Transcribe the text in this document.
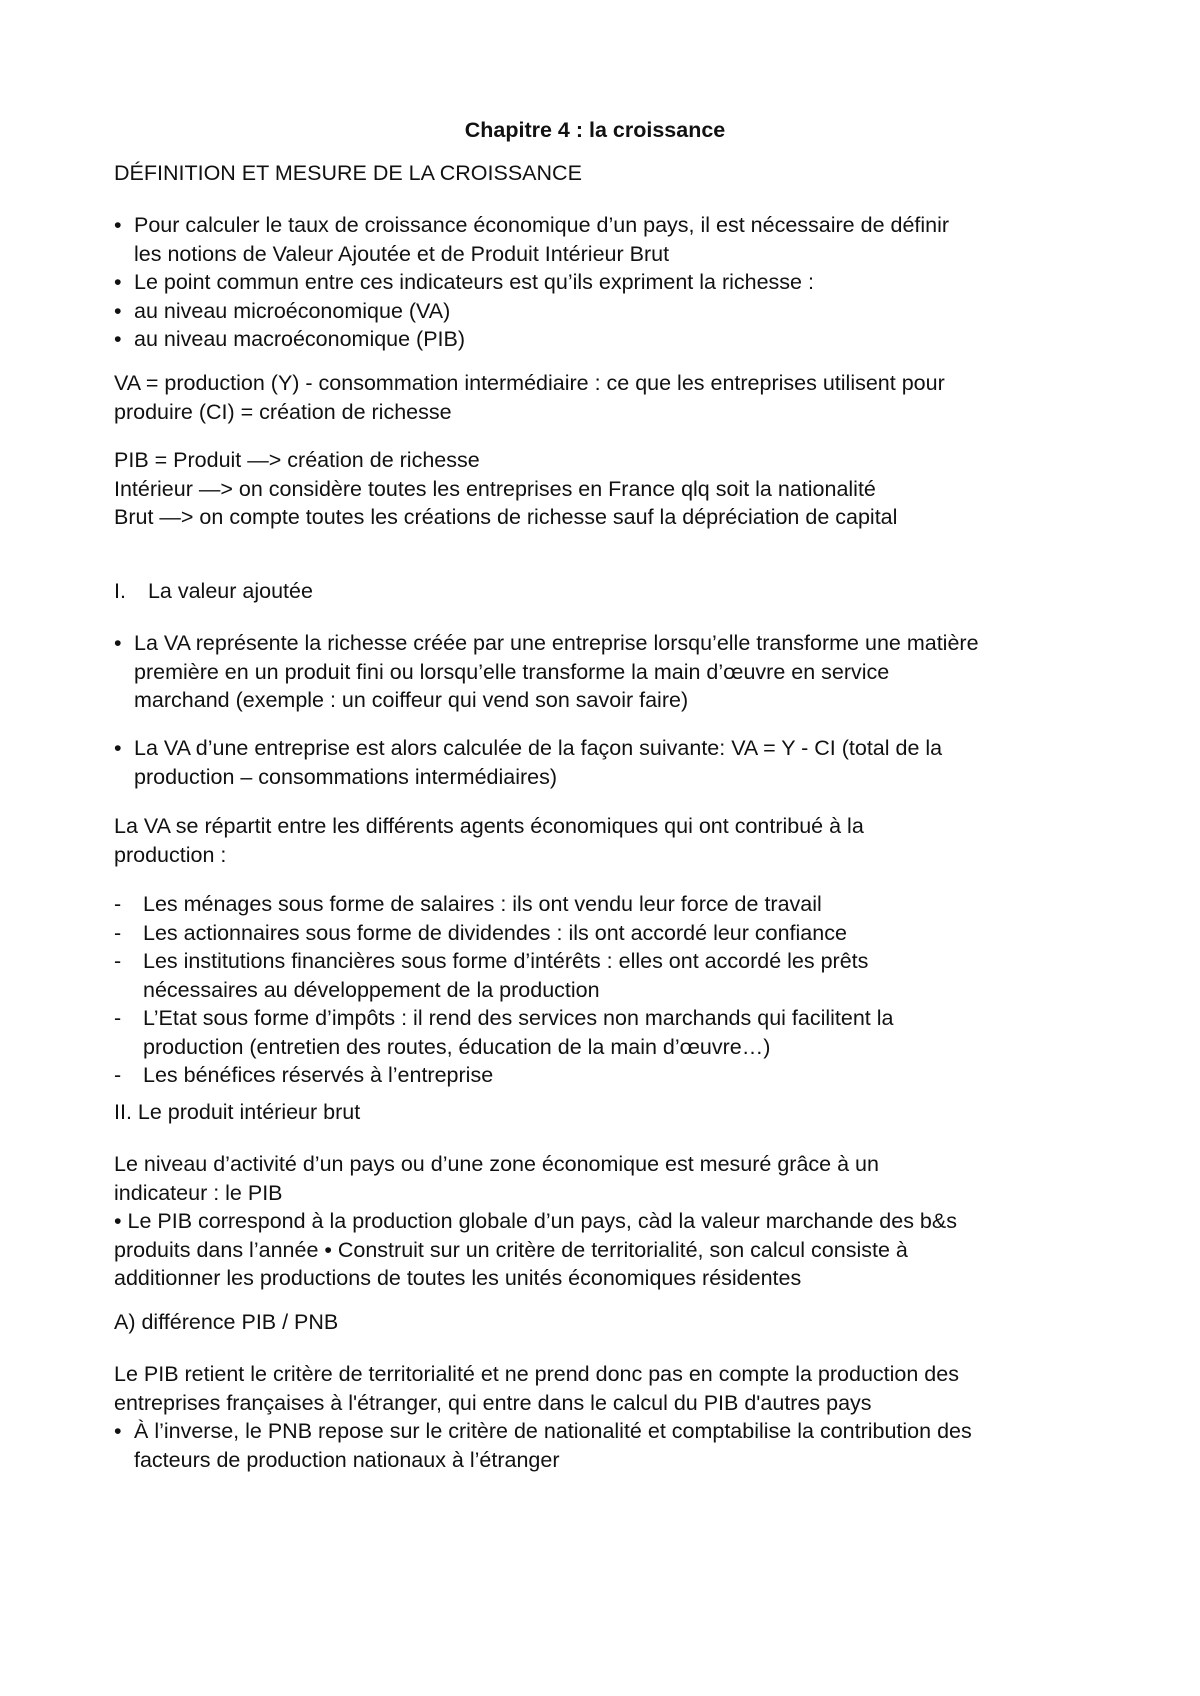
Chapitre 4 : la croissance
DÉFINITION ET MESURE DE LA CROISSANCE
• Pour calculer le taux de croissance économique d’un pays, il est nécessaire de définir
les notions de Valeur Ajoutée et de Produit Intérieur Brut
• Le point commun entre ces indicateurs est qu’ils expriment la richesse :
• au niveau microéconomique (VA)
• au niveau macroéconomique (PIB)
VA = production (Y) - consommation intermédiaire : ce que les entreprises utilisent pour
produire (CI) = création de richesse
PIB = Produit —> création de richesse
Intérieur —> on considère toutes les entreprises en France qlq soit la nationalité
Brut —> on compte toutes les créations de richesse sauf la dépréciation de capital
I. La valeur ajoutée
• La VA représente la richesse créée par une entreprise lorsqu’elle transforme une matière
première en un produit fini ou lorsqu’elle transforme la main d’œuvre en service
marchand (exemple : un coiffeur qui vend son savoir faire)
• La VA d’une entreprise est alors calculée de la façon suivante: VA = Y - CI (total de la
production – consommations intermédiaires)
La VA se répartit entre les différents agents économiques qui ont contribué à la
production :
- Les ménages sous forme de salaires : ils ont vendu leur force de travail
- Les actionnaires sous forme de dividendes : ils ont accordé leur confiance
- Les institutions financières sous forme d’intérêts : elles ont accordé les prêts
nécessaires au développement de la production
- L’Etat sous forme d’impôts : il rend des services non marchands qui facilitent la
production (entretien des routes, éducation de la main d’œuvre…)
- Les bénéfices réservés à l’entreprise
II. Le produit intérieur brut
Le niveau d’activité d’un pays ou d’une zone économique est mesuré grâce à un
indicateur : le PIB
• Le PIB correspond à la production globale d’un pays, càd la valeur marchande des b&s
produits dans l’année • Construit sur un critère de territorialité, son calcul consiste à
additionner les productions de toutes les unités économiques résidentes
A) différence PIB / PNB
Le PIB retient le critère de territorialité et ne prend donc pas en compte la production des
entreprises françaises à l'étranger, qui entre dans le calcul du PIB d'autres pays
• À l’inverse, le PNB repose sur le critère de nationalité et comptabilise la contribution des
facteurs de production nationaux à l’étranger
